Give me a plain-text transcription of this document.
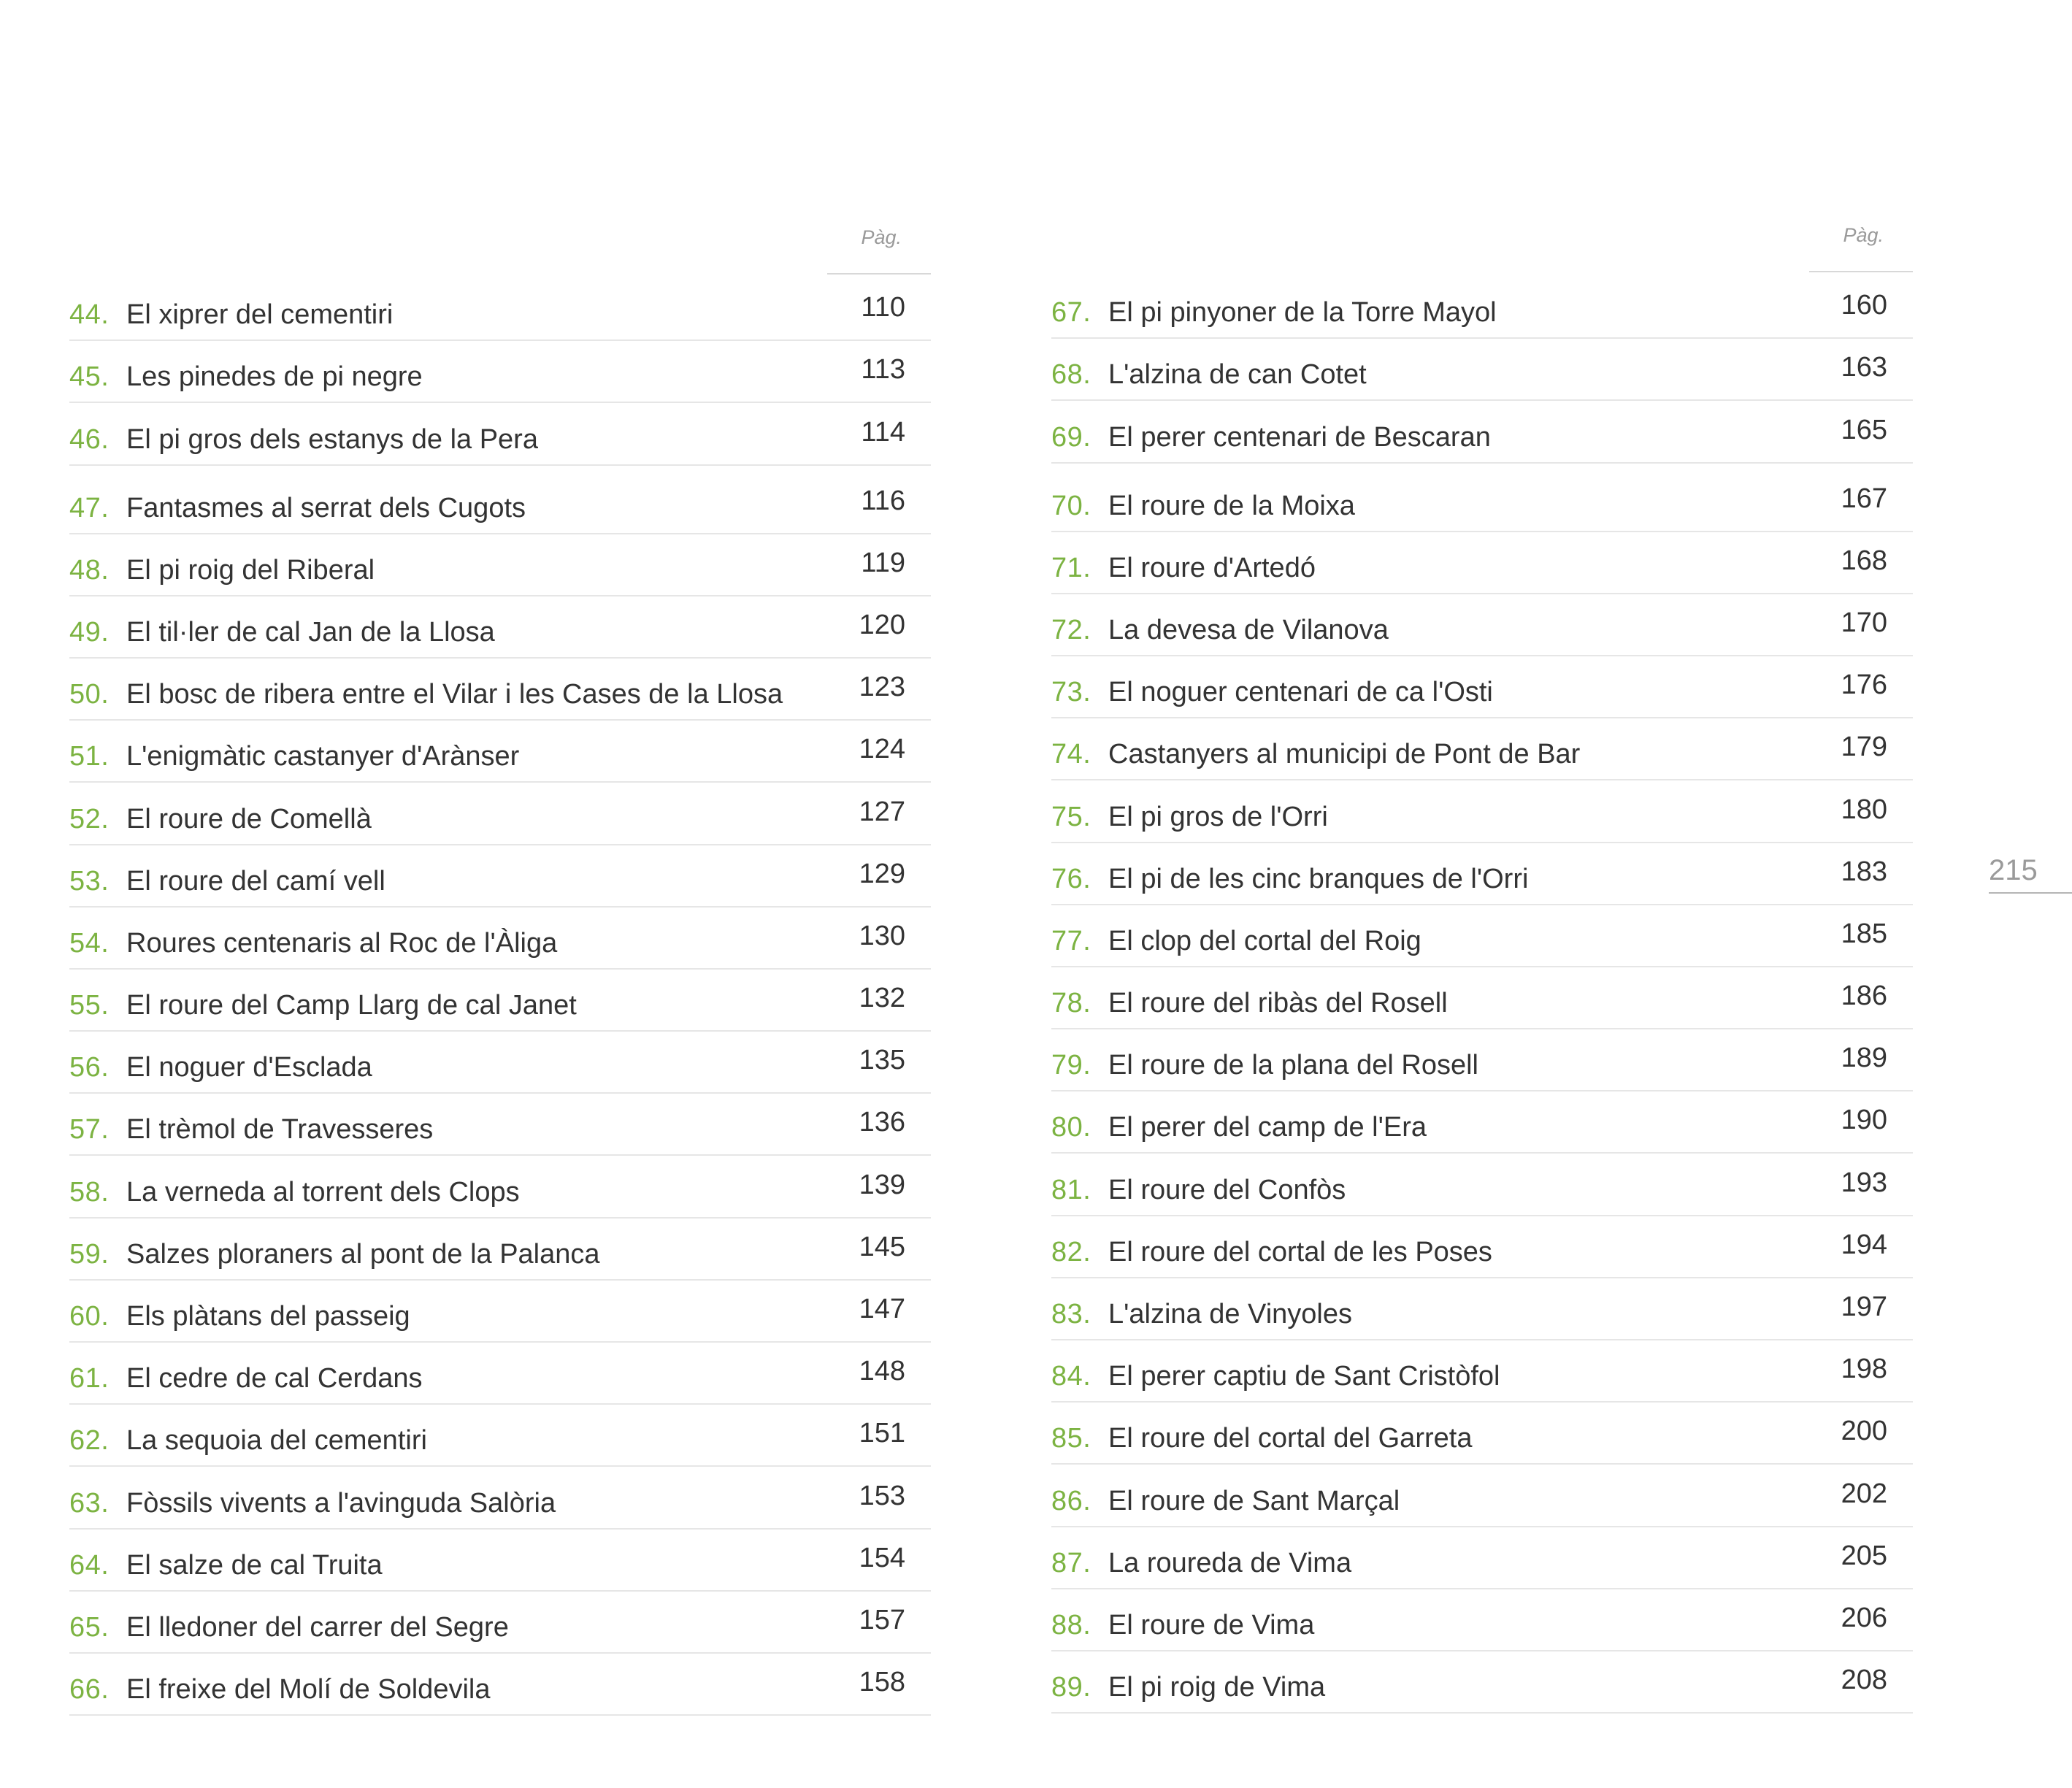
Pàg.
44. El xiprer del cementiri	110
45. Les pinedes de pi negre	113
46. El pi gros dels estanys de la Pera	114
47. Fantasmes al serrat dels Cugots	116
48. El pi roig del Riberal	119
49. El til·ler de cal Jan de la Llosa	120
50. El bosc de ribera entre el Vilar i les Cases de la Llosa	123
51. L'enigmàtic castanyer d'Arànser	124
52. El roure de Comellà	127
53. El roure del camí vell	129
54. Roures centenaris al Roc de l'Àliga	130
55. El roure del Camp Llarg de cal Janet	132
56. El noguer d'Esclada	135
57. El trèmol de Travesseres	136
58. La verneda al torrent dels Clops	139
59. Salzes ploraners al pont de la Palanca	145
60. Els plàtans del passeig	147
61. El cedre de cal Cerdans	148
62. La sequoia del cementiri	151
63. Fòssils vivents a l'avinguda Salòria	153
64. El salze de cal Truita	154
65. El lledoner del carrer del Segre	157
66. El freixe del Molí de Soldevila	158
Pàg.
67. El pi pinyoner de la Torre Mayol	160
68. L'alzina de can Cotet	163
69. El perer centenari de Bescaran	165
70. El roure de la Moixa	167
71. El roure d'Artedó	168
72. La devesa de Vilanova	170
73. El noguer centenari de ca l'Osti	176
74. Castanyers al municipi de Pont de Bar	179
75. El pi gros de l'Orri	180
76. El pi de les cinc branques de l'Orri	183
77. El clop del cortal del Roig	185
78. El roure del ribàs del Rosell	186
79. El roure de la plana del Rosell	189
80. El perer del camp de l'Era	190
81. El roure del Confòs	193
82. El roure del cortal de les Poses	194
83. L'alzina de Vinyoles	197
84. El perer captiu de Sant Cristòfol	198
85. El roure del cortal del Garreta	200
86. El roure de Sant Marçal	202
87. La roureda de Vima	205
88. El roure de Vima	206
89. El pi roig de Vima	208
215
